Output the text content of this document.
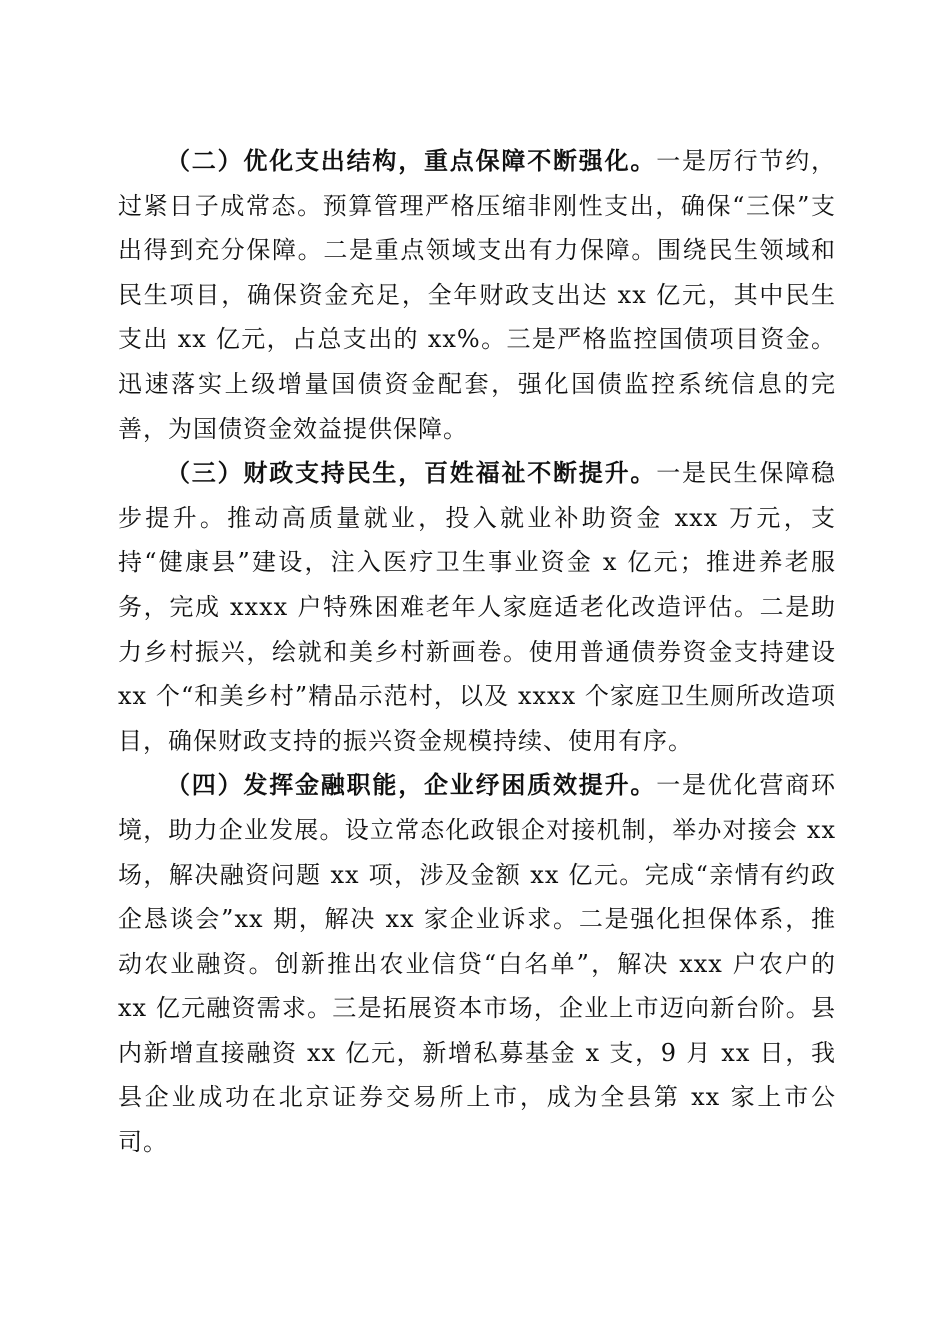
（二）优化支出结构，重点保障不断强化。一是厉行节约，过紧日子成常态。预算管理严格压缩非刚性支出，确保“三保”支出得到充分保障。二是重点领域支出有力保障。围绕民生领域和民生项目，确保资金充足，全年财政支出达 xx 亿元，其中民生支出 xx 亿元，占总支出的 xx%。三是严格监控国债项目资金。迅速落实上级增量国债资金配套，强化国债监控系统信息的完善，为国债资金效益提供保障。

（三）财政支持民生，百姓福祉不断提升。一是民生保障稳步提升。推动高质量就业，投入就业补助资金 xxx 万元，支持“健康县”建设，注入医疗卫生事业资金 x 亿元；推进养老服务，完成 xxxx 户特殊困难老年人家庭适老化改造评估。二是助力乡村振兴，绘就和美乡村新画卷。使用普通债券资金支持建设 xx 个“和美乡村”精品示范村，以及 xxxx 个家庭卫生厕所改造项目，确保财政支持的振兴资金规模持续、使用有序。

（四）发挥金融职能，企业纾困质效提升。一是优化营商环境，助力企业发展。设立常态化政银企对接机制，举办对接会 xx 场，解决融资问题 xx 项，涉及金额 xx 亿元。完成“亲情有约政企恳谈会”xx 期，解决 xx 家企业诉求。二是强化担保体系，推动农业融资。创新推出农业信贷“白名单”，解决 xxx 户农户的 xx 亿元融资需求。三是拓展资本市场，企业上市迈向新台阶。县内新增直接融资 xx 亿元，新增私募基金 x 支，9 月 xx 日，我县企业成功在北京证券交易所上市，成为全县第 xx 家上市公司。
